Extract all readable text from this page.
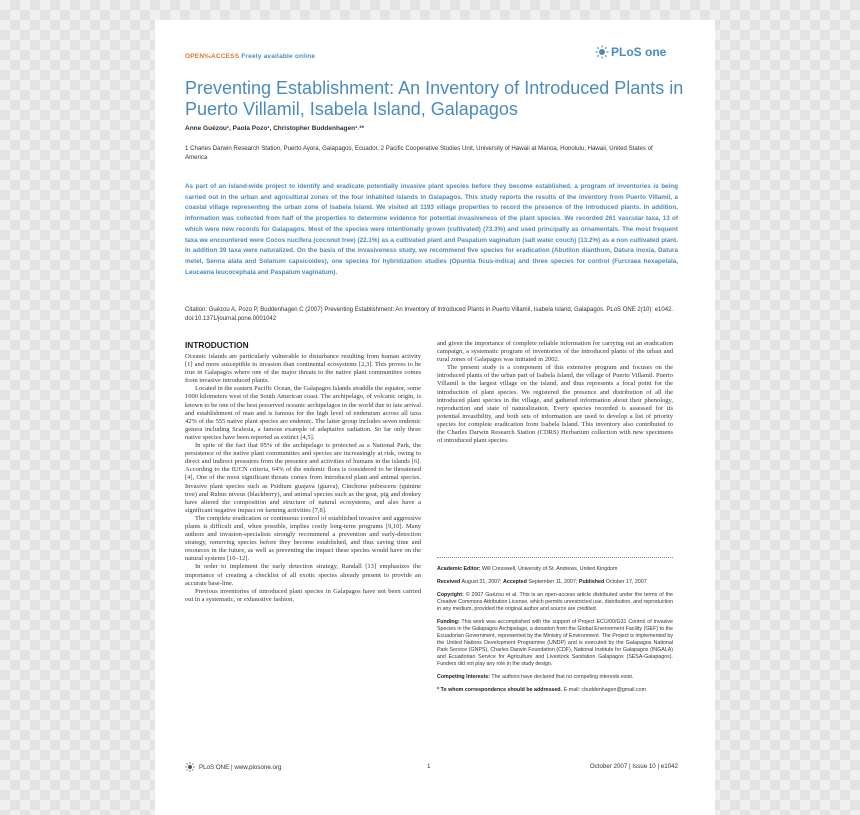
OPEN‰ACCESS Freely available online	PLoS one
Preventing Establishment: An Inventory of Introduced Plants in Puerto Villamil, Isabela Island, Galapagos
Anne Guézou¹, Paola Pozo¹, Christopher Buddenhagen¹˒²*
1 Charles Darwin Research Station, Puerto Ayora, Galapagos, Ecuador, 2 Pacific Cooperative Studies Unit, University of Hawaii at Manoa, Honolulu, Hawaii, United States of America
As part of an island-wide project to identify and eradicate potentially invasive plant species before they become established, a program of inventories is being carried out in the urban and agricultural zones of the four inhabited islands in Galapagos. This study reports the results of the inventory from Puerto Villamil, a coastal village representing the urban zone of Isabela Island. We visited all 1193 village properties to record the presence of the introduced plants. In addition, information was collected from half of the properties to determine evidence for potential invasiveness of the plant species. We recorded 261 vascular taxa, 13 of which were new records for Galapagos. Most of the species were intentionally grown (cultivated) (73.3%) and used principally as ornamentals. The most frequent taxa we encountered were Cocos nucifera (coconut tree) (22.1%) as a cultivated plant and Paspalum vaginatum (salt water couch) (13.2%) as a non cultivated plant. In addition 39 taxa were naturalized. On the basis of the invasiveness study, we recommend five species for eradication (Abutilon dianthum, Datura inoxia, Datura metel, Senna alata and Solanum capsicoides), one species for hybridization studies (Opuntia ficus-indica) and three species for control (Furcraea hexapetala, Leucaena leucocephala and Paspalum vaginatum).
Citation: Guézou A, Pozo P, Buddenhagen C (2007) Preventing Establishment: An Inventory of Introduced Plants in Puerto Villamil, Isabela Island, Galapagos. PLoS ONE 2(10): e1042. doi:10.1371/journal.pone.0001042
INTRODUCTION

Oceanic islands are particularly vulnerable to disturbance resulting from human activity [1] and more susceptible to invasion than continental ecosystems [2,3]. This proves to be true in Galapagos where one of the major threats to the native plant communities comes from invasive introduced plants.

Located in the eastern Pacific Ocean, the Galapagos Islands straddle the equator, some 1000 kilometers west of the South American coast. The archipelago, of volcanic origin, is known to be one of the best preserved oceanic archipelagos in the world due to late arrival and establishment of man and is famous for the high level of endemism across all taxa 42% of the 555 native plant species are endemic. The latter group includes seven endemic genera including Scalesia, a famous example of adaptative radiation. So far only three native species have been reported as extinct [4,5].

In spite of the fact that 95% of the archipelago is protected as a National Park, the persistence of the native plant communities and species are increasingly at risk, owing to direct and indirect pressures from the presence and activities of humans in the islands [6]. According to the IUCN criteria, 64% of the endemic flora is considered to be threatened [4], One of the most significant threats comes from introduced plant and animal species. Invasive plant species such as Psidium guajava (guava), Cinchona pubescens (quinine tree) and Rubus niveus (blackberry), and animal species such as the goat, pig and donkey have altered the composition and structure of natural ecosystems, and also have a significant negative impact on farming activities [7,8].

The complete eradication or continuous control of established invasive and aggressive plants is difficult and, when possible, implies costly long-term programs [9,10]. Many authors and invasion-specialists strongly recommend a prevention and early-detection strategy, removing species before they become established, and thus saving time and resources in the future, as well as preventing the impact these species would have on the natural systems [10–12].

In order to implement the early detection strategy, Randall [13] emphasizes the importance of creating a checklist of all exotic species already present to provide an accurate base-line.

Previous inventories of introduced plant species in Galapagos have not been carried out in a systematic, or exhaustive fashion,

and given the importance of complete reliable information for carrying out an eradication campaign, a systematic program of inventories of the introduced plants of the urban and rural zones of Galapagos was initiated in 2002.

The present study is a component of this extensive program and focuses on the introduced plants of the urban part of Isabela Island, the village of Puerto Villamil. Puerto Villamil is the largest village on the island, and thus represents a focal point for the introduction of plant species. We registered the presence and distribution of all the introduced plant species in the village, and gathered information about their phenology, reproduction and state of naturalization. Every species recorded is assessed for its potential invasibility, and both sets of information are used to develop a list of priority species for complete eradication from Isabela Island. This inventory also contributed to the Charles Darwin Research Station (CDRS) Herbarium collection with new specimens of introduced plant species.

Academic Editor: Will Cresswell, University of St. Andrews, United Kingdom

Received August 31, 2007; Accepted September 11, 2007; Published October 17, 2007

Copyright: © 2007 Guézou et al. This is an open-access article distributed under the terms of the Creative Commons Attribution License, which permits unrestricted use, distribution, and reproduction in any medium, provided the original author and source are credited.

Funding: This work was accomplished with the support of Project ECU/00/G31 Control of Invasive Species in the Galapagos Archipelago, a donation from the Global Environment Facility (GEF) to the Ecuadorian Government, represented by the Ministry of Environment. The Project is implemented by the United Nations Development Programme (UNDP) and is executed by the Galapagos National Park Service (GNPS), Charles Darwin Foundation (CDF), National Institute for Galapagos (INGALA) and Ecuadorian Service for Agriculture and Livestock Sanitation Galapagos (SESA-Galapagos). Funders did not play any role in the study design.

Competing Interests: The authors have declared that no competing interests exist.

* To whom correspondence should be addressed. E-mail: cbuddenhagen@gmail.com

PLoS ONE
| www.plosone.org	1	October 2007 | Issue 10 | e1042
